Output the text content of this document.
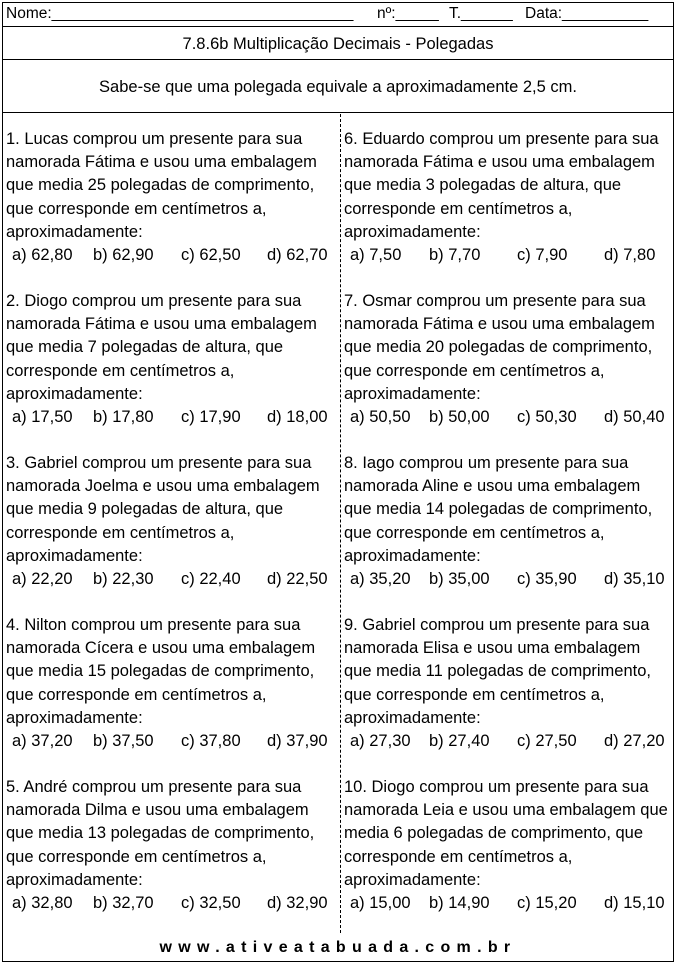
Nome:___________________________________ nº:_____ T.______ Data:__________
7.8.6b Multiplicação Decimais - Polegadas
Sabe-se que uma polegada equivale a aproximadamente 2,5 cm.
1. Lucas comprou um presente para sua namorada Fátima e usou uma embalagem que media 25 polegadas de comprimento, que corresponde em centímetros a, aproximadamente:
a) 62,80 b) 62,90 c) 62,50 d) 62,70
2. Diogo comprou um presente para sua namorada Fátima e usou uma embalagem que media 7 polegadas de altura, que corresponde em centímetros a, aproximadamente:
a) 17,50 b) 17,80 c) 17,90 d) 18,00
3. Gabriel comprou um presente para sua namorada Joelma e usou uma embalagem que media 9 polegadas de altura, que corresponde em centímetros a, aproximadamente:
a) 22,20 b) 22,30 c) 22,40 d) 22,50
4. Nilton comprou um presente para sua namorada Cícera e usou uma embalagem que media 15 polegadas de comprimento, que corresponde em centímetros a, aproximadamente:
a) 37,20 b) 37,50 c) 37,80 d) 37,90
5. André comprou um presente para sua namorada Dilma e usou uma embalagem que media 13 polegadas de comprimento, que corresponde em centímetros a, aproximadamente:
a) 32,80 b) 32,70 c) 32,50 d) 32,90
6. Eduardo comprou um presente para sua namorada Fátima e usou uma embalagem que media 3 polegadas de altura, que corresponde em centímetros a, aproximadamente:
a) 7,50 b) 7,70 c) 7,90 d) 7,80
7. Osmar comprou um presente para sua namorada Fátima e usou uma embalagem que media 20 polegadas de comprimento, que corresponde em centímetros a, aproximadamente:
a) 50,50 b) 50,00 c) 50,30 d) 50,40
8. Iago comprou um presente para sua namorada Aline e usou uma embalagem que media 14 polegadas de comprimento, que corresponde em centímetros a, aproximadamente:
a) 35,20 b) 35,00 c) 35,90 d) 35,10
9. Gabriel comprou um presente para sua namorada Elisa e usou uma embalagem que media 11 polegadas de comprimento, que corresponde em centímetros a, aproximadamente:
a) 27,30 b) 27,40 c) 27,50 d) 27,20
10. Diogo comprou um presente para sua namorada Leia e usou uma embalagem que media 6 polegadas de comprimento, que corresponde em centímetros a, aproximadamente:
a) 15,00 b) 14,90 c) 15,20 d) 15,10
www.ativeatabuada.com.br
